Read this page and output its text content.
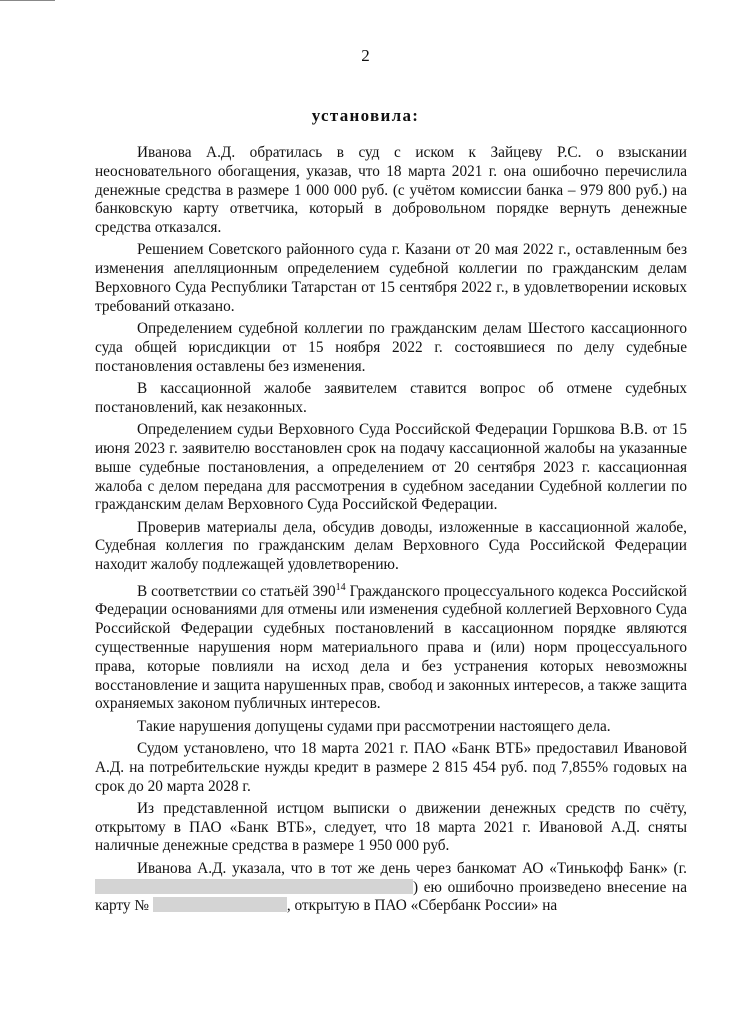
2
установила:

Иванова А.Д. обратилась в суд с иском к Зайцеву Р.С. о взыскании неосновательного обогащения, указав, что 18 марта 2021 г. она ошибочно перечислила денежные средства в размере 1 000 000 руб. (с учётом комиссии банка – 979 800 руб.) на банковскую карту ответчика, который в добровольном порядке вернуть денежные средства отказался.

Решением Советского районного суда г. Казани от 20 мая 2022 г., оставленным без изменения апелляционным определением судебной коллегии по гражданским делам Верховного Суда Республики Татарстан от 15 сентября 2022 г., в удовлетворении исковых требований отказано.

Определением судебной коллегии по гражданским делам Шестого кассационного суда общей юрисдикции от 15 ноября 2022 г. состоявшиеся по делу судебные постановления оставлены без изменения.

В кассационной жалобе заявителем ставится вопрос об отмене судебных постановлений, как незаконных.

Определением судьи Верховного Суда Российской Федерации Горшкова В.В. от 15 июня 2023 г. заявителю восстановлен срок на подачу кассационной жалобы на указанные выше судебные постановления, а определением от 20 сентября 2023 г. кассационная жалоба с делом передана для рассмотрения в судебном заседании Судебной коллегии по гражданским делам Верховного Суда Российской Федерации.

Проверив материалы дела, обсудив доводы, изложенные в кассационной жалобе, Судебная коллегия по гражданским делам Верховного Суда Российской Федерации находит жалобу подлежащей удовлетворению.

В соответствии со статьёй $390^{14}$ Гражданского процессуального кодекса Российской Федерации основаниями для отмены или изменения судебной коллегией Верховного Суда Российской Федерации судебных постановлений в кассационном порядке являются существенные нарушения норм материального права и (или) норм процессуального права, которые повлияли на исход дела и без устранения которых невозможны восстановление и защита нарушенных прав, свобод и законных интересов, а также защита охраняемых законом публичных интересов.

Такие нарушения допущены судами при рассмотрении настоящего дела.

Судом установлено, что 18 марта 2021 г. ПАО «Банк ВТБ» предоставил Ивановой А.Д. на потребительские нужды кредит в размере 2 815 454 руб. под 7,855% годовых на срок до 20 марта 2028 г.

Из представленной истцом выписки о движении денежных средств по счёту, открытому в ПАО «Банк ВТБ», следует, что 18 марта 2021 г. Ивановой А.Д. сняты наличные денежные средства в размере 1 950 000 руб.

Иванова А.Д. указала, что в тот же день через банкомат АО «Тинькофф Банк» (г. ) ею ошибочно произведено внесение на карту №	, открытую в ПАО «Сбербанк России» на
